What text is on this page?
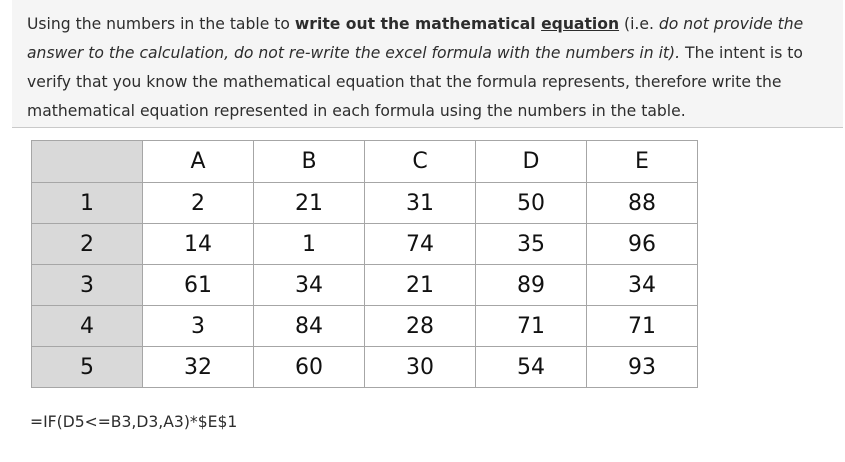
Using the numbers in the table to write out the mathematical equation (i.e. do not provide the answer to the calculation, do not re-write the excel formula with the numbers in it). The intent is to verify that you know the mathematical equation that the formula represents, therefore write the mathematical equation represented in each formula using the numbers in the table.
	A	B	C	D	E
1	2	21	31	50	88
2	14	1	74	35	96
3	61	34	21	89	34
4	3	84	28	71	71
5	32	60	30	54	93
=IF(D5<=B3,D3,A3)*$E$1
